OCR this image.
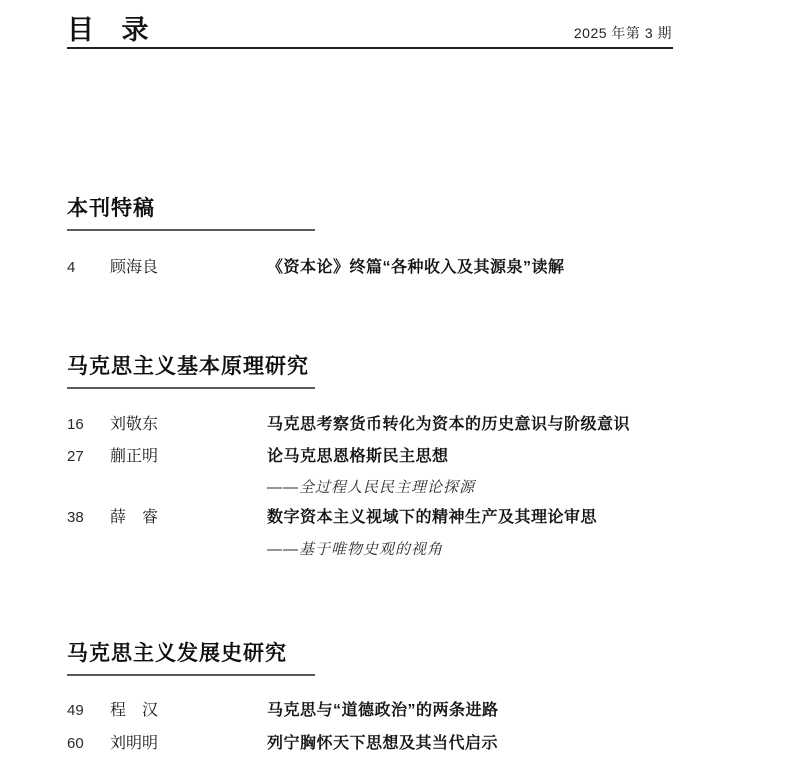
目 录	2025 年第 3 期
本刊特稿
4	顾海良	《资本论》终篇“各种收入及其源泉”读解
马克思主义基本原理研究
16	刘敬东	马克思考察货币转化为资本的历史意识与阶级意识
27	蒯正明	论马克思恩格斯民主思想
——全过程人民民主理论探源
38	薛　睿	数字资本主义视域下的精神生产及其理论审思
——基于唯物史观的视角
马克思主义发展史研究
49	程　汉	马克思与“道德政治”的两条进路
60	刘明明	列宁胸怀天下思想及其当代启示
